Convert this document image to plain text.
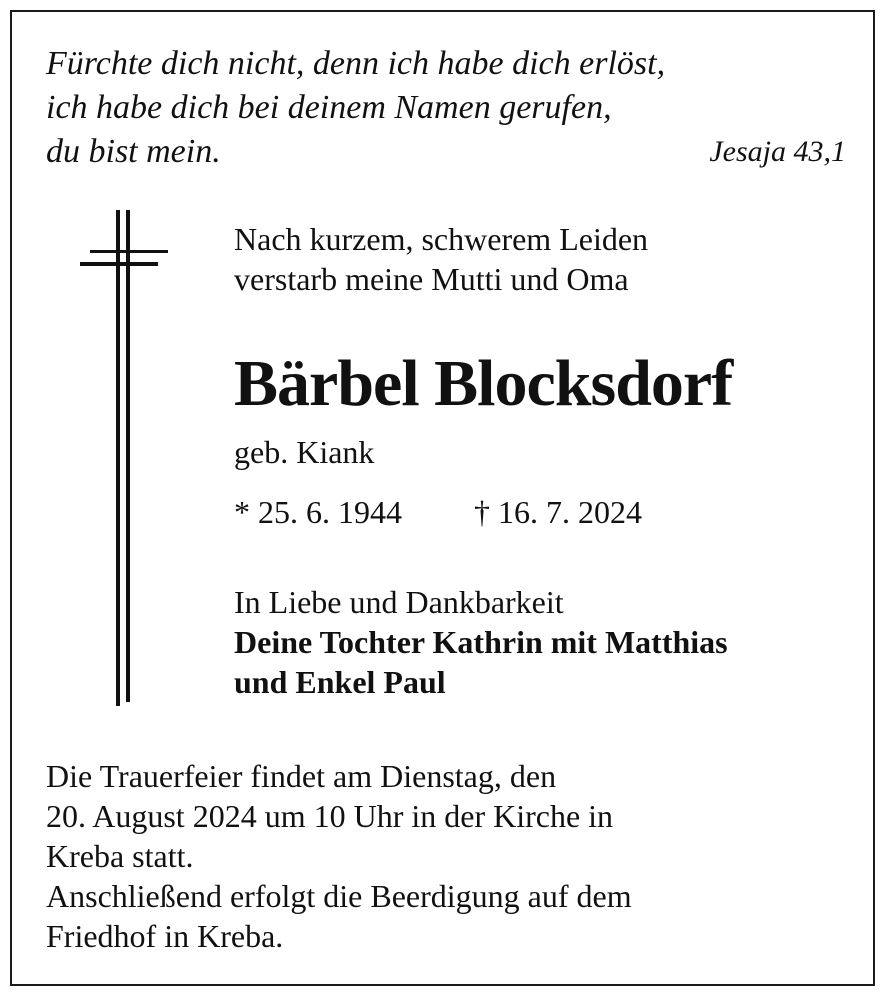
Fürchte dich nicht, denn ich habe dich erlöst,
ich habe dich bei deinem Namen gerufen,
du bist mein.	Jesaja 43,1
Nach kurzem, schwerem Leiden
verstarb meine Mutti und Oma
Bärbel Blocksdorf
geb. Kiank
* 25. 6. 1944 † 16. 7. 2024
In Liebe und Dankbarkeit
Deine Tochter Kathrin mit Matthias
und Enkel Paul
Die Trauerfeier findet am Dienstag, den
20. August 2024 um 10 Uhr in der Kirche in
Kreba statt.
Anschließend erfolgt die Beerdigung auf dem
Friedhof in Kreba.
